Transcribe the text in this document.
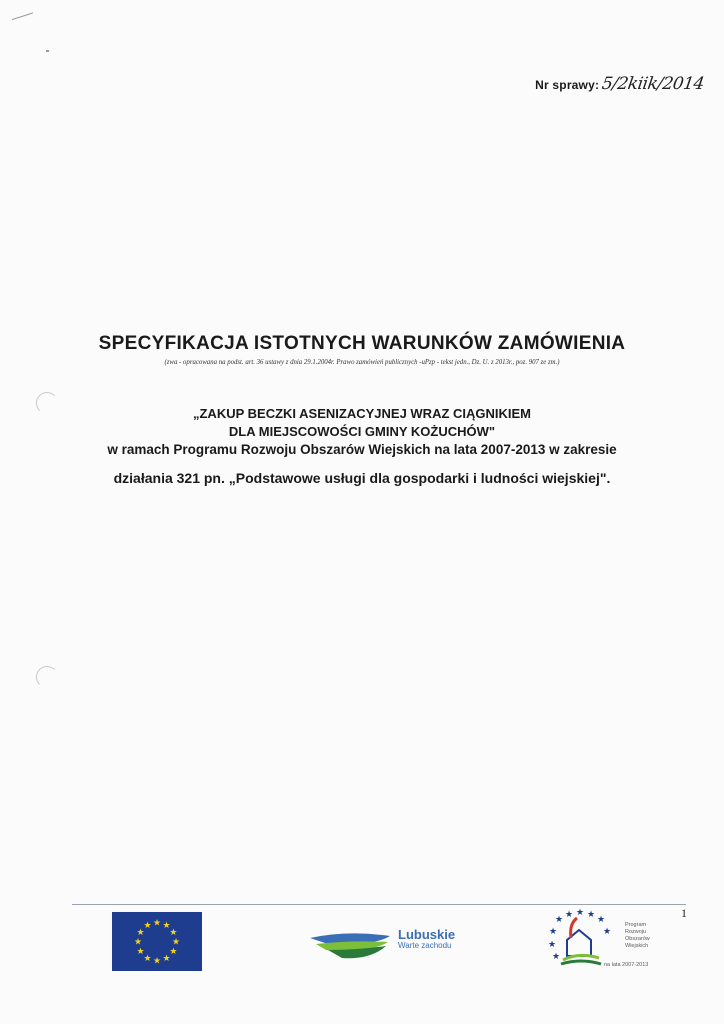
Nr sprawy: 5/2kiik/2014
SPECYFIKACJA ISTOTNYCH WARUNKÓW ZAMÓWIENIA
(zwa - opracowana na podst. art. 36 ustawy z dnia 29.1.2004r. Prawo zamówień publicznych -uPzp - tekst jedn., Dz. U. z 2013r., poz. 907 ze zm.)
„ZAKUP BECZKI ASENIZACYJNEJ WRAZ CIĄGNIKIEM
DLA MIEJSCOWOŚCI GMINY KOŻUCHÓW"
w ramach Programu Rozwoju Obszarów Wiejskich na lata 2007-2013 w zakresie
działania 321 pn. „Podstawowe usługi dla gospodarki i ludności wiejskiej".
1
★ ★
★
★
★
★
★
★
★
★
★
★
Lubuskie
Warte zachodu
★ ★ ★ ★ ★
★
★
★
★
Program Rozwoju Obszarów Wiejskich
na lata 2007-2013
